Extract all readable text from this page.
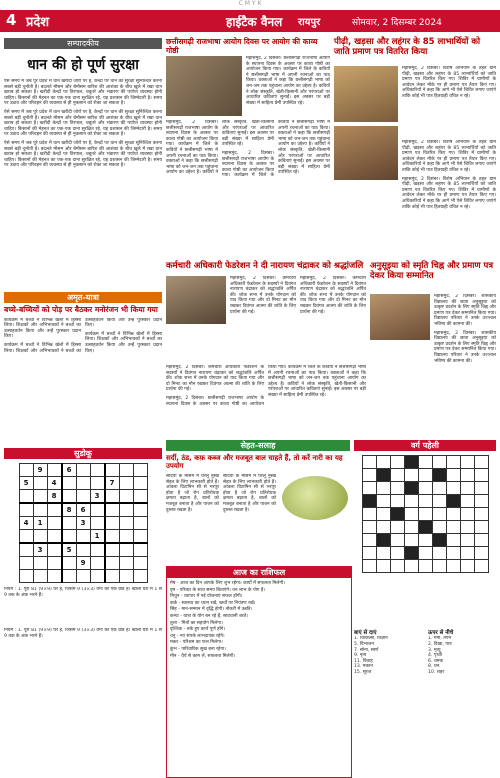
C M Y K
4 प्रदेश	हाईटैक वैनल रायपुर	सोमवार, 2 दिसम्बर 2024
सम्पादकीय
धान की हो पूर्ण सुरक्षा

ऐसे समय में जब पूरे प्रदेश में धान खरीदी जोरों पर है, केन्द्रों पर धान की सुरक्षा सुनिश्चित करना सबसे बड़ी चुनौती है। बदलते मौसम और बेमौसम बारिश की आशंका के बीच खुले में रखा धान खराब हो सकता है। खरीदी केन्द्रों पर तिरपाल, चबूतरे और भंडारण की पर्याप्त व्यवस्था होनी चाहिए। किसानों की मेहनत का एक-एक दाना सुरक्षित रहे, यह प्रशासन की जिम्मेदारी है। समय पर उठाव और परिवहन की व्यवस्था से ही नुकसान को रोका जा सकता है।

ऐसे समय में जब पूरे प्रदेश में धान खरीदी जोरों पर है, केन्द्रों पर धान की सुरक्षा सुनिश्चित करना सबसे बड़ी चुनौती है। बदलते मौसम और बेमौसम बारिश की आशंका के बीच खुले में रखा धान खराब हो सकता है। खरीदी केन्द्रों पर तिरपाल, चबूतरे और भंडारण की पर्याप्त व्यवस्था होनी चाहिए। किसानों की मेहनत का एक-एक दाना सुरक्षित रहे, यह प्रशासन की जिम्मेदारी है। समय पर उठाव और परिवहन की व्यवस्था से ही नुकसान को रोका जा सकता है।

ऐसे समय में जब पूरे प्रदेश में धान खरीदी जोरों पर है, केन्द्रों पर धान की सुरक्षा सुनिश्चित करना सबसे बड़ी चुनौती है। बदलते मौसम और बेमौसम बारिश की आशंका के बीच खुले में रखा धान खराब हो सकता है। खरीदी केन्द्रों पर तिरपाल, चबूतरे और भंडारण की पर्याप्त व्यवस्था होनी चाहिए। किसानों की मेहनत का एक-एक दाना सुरक्षित रहे, यह प्रशासन की जिम्मेदारी है। समय पर उठाव और परिवहन की व्यवस्था से ही नुकसान को रोका जा सकता है।

छत्तीसगढ़ी राजभाषा आयोग दिवस पर आयोग की काव्य गोष्ठी

महासमुंद, 2 दिसंबर। छत्तीसगढ़ी राजभाषा आयोग के स्थापना दिवस के अवसर पर काव्य गोष्ठी का आयोजन किया गया। कार्यक्रम में जिले के कवियों ने छत्तीसगढ़ी भाषा में अपनी रचनाओं का पाठ किया। वक्ताओं ने कहा कि छत्तीसगढ़ी भाषा को जन-जन तक पहुंचाना आयोग का उद्देश्य है। कवियों ने लोक संस्कृति, खेती-किसानी और परंपराओं पर आधारित कविताएं सुनाईं। इस अवसर पर बड़ी संख्या में साहित्य प्रेमी उपस्थित रहे।

महासमुंद, 2 दिसंबर। छत्तीसगढ़ी राजभाषा आयोग के स्थापना दिवस के अवसर पर काव्य गोष्ठी का आयोजन किया गया। कार्यक्रम में जिले के कवियों ने छत्तीसगढ़ी भाषा में अपनी रचनाओं का पाठ किया। वक्ताओं ने कहा कि छत्तीसगढ़ी भाषा को जन-जन तक पहुंचाना आयोग का उद्देश्य है। कवियों ने लोक संस्कृति, खेती-किसानी और परंपराओं पर आधारित कविताएं सुनाईं। इस अवसर पर बड़ी संख्या में साहित्य प्रेमी उपस्थित रहे।

महासमुंद, 2 दिसंबर। छत्तीसगढ़ी राजभाषा आयोग के स्थापना दिवस के अवसर पर काव्य गोष्ठी का आयोजन किया गया। कार्यक्रम में जिले के कवियों ने छत्तीसगढ़ी भाषा में अपनी रचनाओं का पाठ किया। वक्ताओं ने कहा कि छत्तीसगढ़ी भाषा को जन-जन तक पहुंचाना आयोग का उद्देश्य है। कवियों ने लोक संस्कृति, खेती-किसानी और परंपराओं पर आधारित कविताएं सुनाईं। इस अवसर पर बड़ी संख्या में साहित्य प्रेमी उपस्थित रहे।

पीढ़ी, खड़सा और लहंगर के 85 लाभार्थियों को जाति प्रमाण पत्र वितरित किया

महासमुंद, 2 दिसंबर। विशेष अभियान के तहत ग्राम पीढ़ी, खड़सा और लहंगर के 85 लाभार्थियों को जाति प्रमाण पत्र वितरित किए गए। शिविर में ग्रामीणों के आवेदन लेकर मौके पर ही प्रमाण पत्र तैयार किए गए। अधिकारियों ने कहा कि आगे भी ऐसे शिविर लगाए जाएंगे ताकि कोई भी पात्र हितग्राही वंचित न रहे।

महासमुंद, 2 दिसंबर। विशेष अभियान के तहत ग्राम पीढ़ी, खड़सा और लहंगर के 85 लाभार्थियों को जाति प्रमाण पत्र वितरित किए गए। शिविर में ग्रामीणों के आवेदन लेकर मौके पर ही प्रमाण पत्र तैयार किए गए। अधिकारियों ने कहा कि आगे भी ऐसे शिविर लगाए जाएंगे ताकि कोई भी पात्र हितग्राही वंचित न रहे।

महासमुंद, 2 दिसंबर। विशेष अभियान के तहत ग्राम पीढ़ी, खड़सा और लहंगर के 85 लाभार्थियों को जाति प्रमाण पत्र वितरित किए गए। शिविर में ग्रामीणों के आवेदन लेकर मौके पर ही प्रमाण पत्र तैयार किए गए। अधिकारियों ने कहा कि आगे भी ऐसे शिविर लगाए जाएंगे ताकि कोई भी पात्र हितग्राही वंचित न रहे।

कर्मचारी अधिकारी फेडरेशन ने दी नारायण चंद्राकर को श्रद्धांजलि

महासमुंद, 2 दिसंबर। कर्मचारी अधिकारी फेडरेशन के सदस्यों ने दिवंगत नारायण चंद्राकर को श्रद्धांजलि अर्पित की। शोक सभा में उनके योगदान को याद किया गया और दो मिनट का मौन रखकर दिवंगत आत्मा की शांति के लिए प्रार्थना की गई।

महासमुंद, 2 दिसंबर। कर्मचारी अधिकारी फेडरेशन के सदस्यों ने दिवंगत नारायण चंद्राकर को श्रद्धांजलि अर्पित की। शोक सभा में उनके योगदान को याद किया गया और दो मिनट का मौन रखकर दिवंगत आत्मा की शांति के लिए प्रार्थना की गई।

अनुसूइया को स्मृति चिह्न और प्रमाण पत्र देकर किया सम्मानित

महासमुंद, 2 दिसंबर। शासकीय विद्यालय की छात्रा अनुसूइया को उत्कृष्ट प्रदर्शन के लिए स्मृति चिह्न और प्रमाण पत्र देकर सम्मानित किया गया। विद्यालय परिवार ने उनके उज्ज्वल भविष्य की कामना की।

महासमुंद, 2 दिसंबर। शासकीय विद्यालय की छात्रा अनुसूइया को उत्कृष्ट प्रदर्शन के लिए स्मृति चिह्न और प्रमाण पत्र देकर सम्मानित किया गया। विद्यालय परिवार ने उनके उज्ज्वल भविष्य की कामना की।

महासमुंद, 2 दिसंबर। कर्मचारी अधिकारी फेडरेशन के सदस्यों ने दिवंगत नारायण चंद्राकर को श्रद्धांजलि अर्पित की। शोक सभा में उनके योगदान को याद किया गया और दो मिनट का मौन रखकर दिवंगत आत्मा की शांति के लिए प्रार्थना की गई।

महासमुंद, 2 दिसंबर। छत्तीसगढ़ी राजभाषा आयोग के स्थापना दिवस के अवसर पर काव्य गोष्ठी का आयोजन किया गया। कार्यक्रम में जिले के कवियों ने छत्तीसगढ़ी भाषा में अपनी रचनाओं का पाठ किया। वक्ताओं ने कहा कि छत्तीसगढ़ी भाषा को जन-जन तक पहुंचाना आयोग का उद्देश्य है। कवियों ने लोक संस्कृति, खेती-किसानी और परंपराओं पर आधारित कविताएं सुनाईं। इस अवसर पर बड़ी संख्या में साहित्य प्रेमी उपस्थित रहे।

अमृत-यात्रा
बच्चे-बच्चियों को पोड़ पर बैठकर मनोरंजन भी किया गया

कार्यक्रम में बच्चों ने विभिन्न खेलों में हिस्सा लिया। शिक्षकों और अभिभावकों ने बच्चों का उत्साहवर्धन किया और उन्हें पुरस्कार प्रदान किए।

कार्यक्रम में बच्चों ने विभिन्न खेलों में हिस्सा लिया। शिक्षकों और अभिभावकों ने बच्चों का उत्साहवर्धन किया और उन्हें पुरस्कार प्रदान किए।

कार्यक्रम में बच्चों ने विभिन्न खेलों में हिस्सा लिया। शिक्षकों और अभिभावकों ने बच्चों का उत्साहवर्धन किया और उन्हें पुरस्कार प्रदान किए।

सेहत-सलाह
सर्दी, ठंड, कफ़ कब्ज और मजबूत बाल चाहते हैं, तो करें नारी का यह उपयोग

सर्दियों के मौसम में घरेलू नुस्खे सेहत के लिए लाभकारी होते हैं। आंवला विटामिन सी से भरपूर होता है जो रोग प्रतिरोधक क्षमता बढ़ाता है, बालों को मजबूत बनाता है और पाचन को दुरुस्त रखता है।

सर्दियों के मौसम में घरेलू नुस्खे सेहत के लिए लाभकारी होते हैं। आंवला विटामिन सी से भरपूर होता है जो रोग प्रतिरोधक क्षमता बढ़ाता है, बालों को मजबूत बनाता है और पाचन को दुरुस्त रखता है।

सुडोकू
	9		6					
5		4				7		
		8			3			
			8	6				
4	1			3				
					1			
	3		5					
				9				

नियम : 1. पूरी 81 (9×9) घर हैं, जिसमें 9 (3×3) वर्गों का एक ग्रीड है। खाली घरों में 1 से 9 तक के अंक भरने हैं।
वर्ग पहेली

आज का राशिफल

मेष - आज का दिन आपके लिए शुभ रहेगा। कार्यों में सफलता मिलेगी।

वृष - परिवार के साथ समय बिताएंगे। धन लाभ के योग हैं।

मिथुन - व्यापार में नई योजनाएं सफल होंगी।

कर्क - स्वास्थ्य का ध्यान रखें, खर्चों पर नियंत्रण रखें।

सिंह - मान-सम्मान में वृद्धि होगी। नौकरी में उन्नति।

कन्या - यात्रा के योग बन रहे हैं, सावधानी बरतें।

तुला - मित्रों का सहयोग मिलेगा।

वृश्चिक - रुके हुए कार्य पूर्ण होंगे।

धनु - नए संपर्क लाभदायक रहेंगे।

मकर - परिश्रम का फल मिलेगा।

कुंभ - पारिवारिक सुख बना रहेगा।

मीन - धैर्य से काम लें, सफलता मिलेगी।

नियम : 1. पूरी 81 (9×9) घर हैं, जिसमें 9 (3×3) वर्गों का एक ग्रीड है। खाली घरों में 1 से 9 तक के अंक भरने हैं।

बाएं से दाएं
1. चिकित्सा, विज्ञान
5. विभाजन
7. सोना, स्वर्ण
9. नृत्य
11. विवाह
13. मकान
15. सूरज
ऊपर से नीचे
1. गर्मी, तपन
2. दिखा, पात्र
3. मृत्यु
4. पृथ्वी
6. चमक
8. धन
10. शहर
